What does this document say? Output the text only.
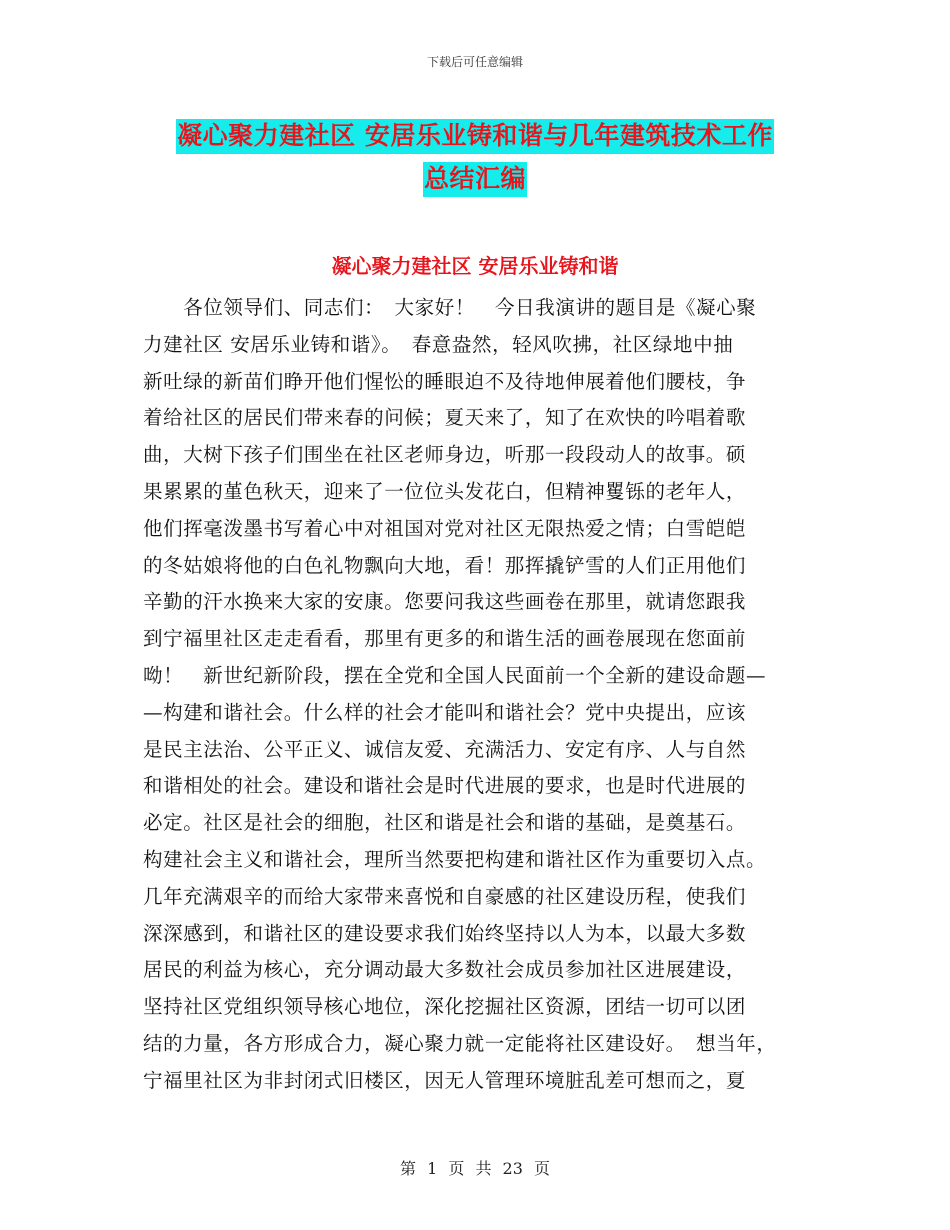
下载后可任意编辑
凝心聚力建社区 安居乐业铸和谐与几年建筑技术工作
总结汇编
凝心聚力建社区 安居乐业铸和谐
　　各位领导们、同志们：　大家好！　今日我演讲的题目是《凝心聚
力建社区 安居乐业铸和谐》。　春意盎然，轻风吹拂，社区绿地中抽
新吐绿的新苗们睁开他们惺忪的睡眼迫不及待地伸展着他们腰枝，争
着给社区的居民们带来春的问候；夏天来了，知了在欢快的吟唱着歌
曲，大树下孩子们围坐在社区老师身边，听那一段段动人的故事。硕
果累累的堇色秋天，迎来了一位位头发花白，但精神矍铄的老年人，
他们挥毫泼墨书写着心中对祖国对党对社区无限热爱之情；白雪皑皑
的冬姑娘将他的白色礼物飘向大地，看！那挥撬铲雪的人们正用他们
辛勤的汗水换来大家的安康。您要问我这些画卷在那里，就请您跟我
到宁福里社区走走看看，那里有更多的和谐生活的画卷展现在您面前
呦！　新世纪新阶段，摆在全党和全国人民面前一个全新的建设命题—
—构建和谐社会。什么样的社会才能叫和谐社会？党中央提出，应该
是民主法治、公平正义、诚信友爱、充满活力、安定有序、人与自然
和谐相处的社会。建设和谐社会是时代进展的要求，也是时代进展的
必定。社区是社会的细胞，社区和谐是社会和谐的基础，是奠基石。
构建社会主义和谐社会，理所当然要把构建和谐社区作为重要切入点。
几年充满艰辛的而给大家带来喜悦和自豪感的社区建设历程，使我们
深深感到，和谐社区的建设要求我们始终坚持以人为本，以最大多数
居民的利益为核心，充分调动最大多数社会成员参加社区进展建设，
坚持社区党组织领导核心地位，深化挖掘社区资源，团结一切可以团
结的力量，各方形成合力，凝心聚力就一定能将社区建设好。　想当年，
宁福里社区为非封闭式旧楼区，因无人管理环境脏乱差可想而之，夏
第 1 页 共 23 页
